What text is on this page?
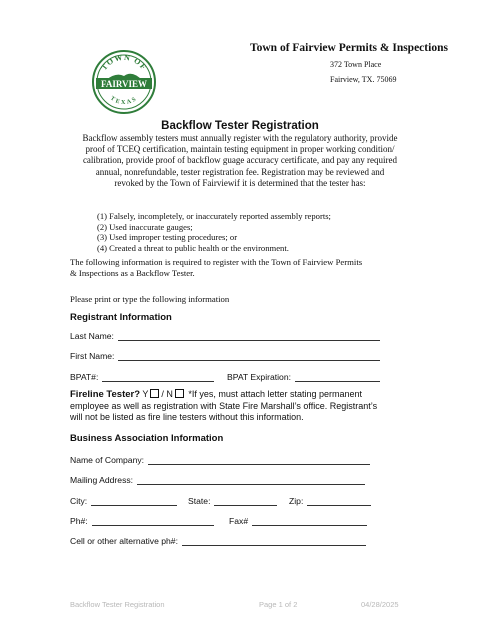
TOWN OF
FAIRVIEW
TEXAS
Town of Fairview Permits & Inspections
372 Town Place
Fairview, TX. 75069
Backflow Tester Registration
Backflow assembly testers must annually register with the regulatory authority, provide
proof of TCEQ certification, maintain testing equipment in proper working condition/
calibration, provide proof of backflow guage accuracy certificate, and pay any required
annual, nonrefundable, tester registration fee. Registration may be reviewed and
revoked by the Town of Fairviewif it is determined that the tester has:
(1) Falsely, incompletely, or inaccurately reported assembly reports;
(2) Used inaccurate gauges;
(3) Used improper testing procedures; or
(4) Created a threat to public health or the environment.
The following information is required to register with the Town of Fairview Permits
& Inspections as a Backflow Tester.
Please print or type the following information
Registrant Information
Last Name:
First Name:
BPAT#:	BPAT Expiration:
Fireline Tester? Y / N *If yes, must attach letter stating permanent
employee as well as registration with State Fire Marshall’s office. Registrant’s
will not be listed as fire line testers without this information.
Business Association Information
Name of Company:
Mailing Address:
City:	State:	Zip:
Ph#:	Fax#
Cell or other alternative ph#:
Backflow Tester Registration	Page 1 of 2	04/28/2025
